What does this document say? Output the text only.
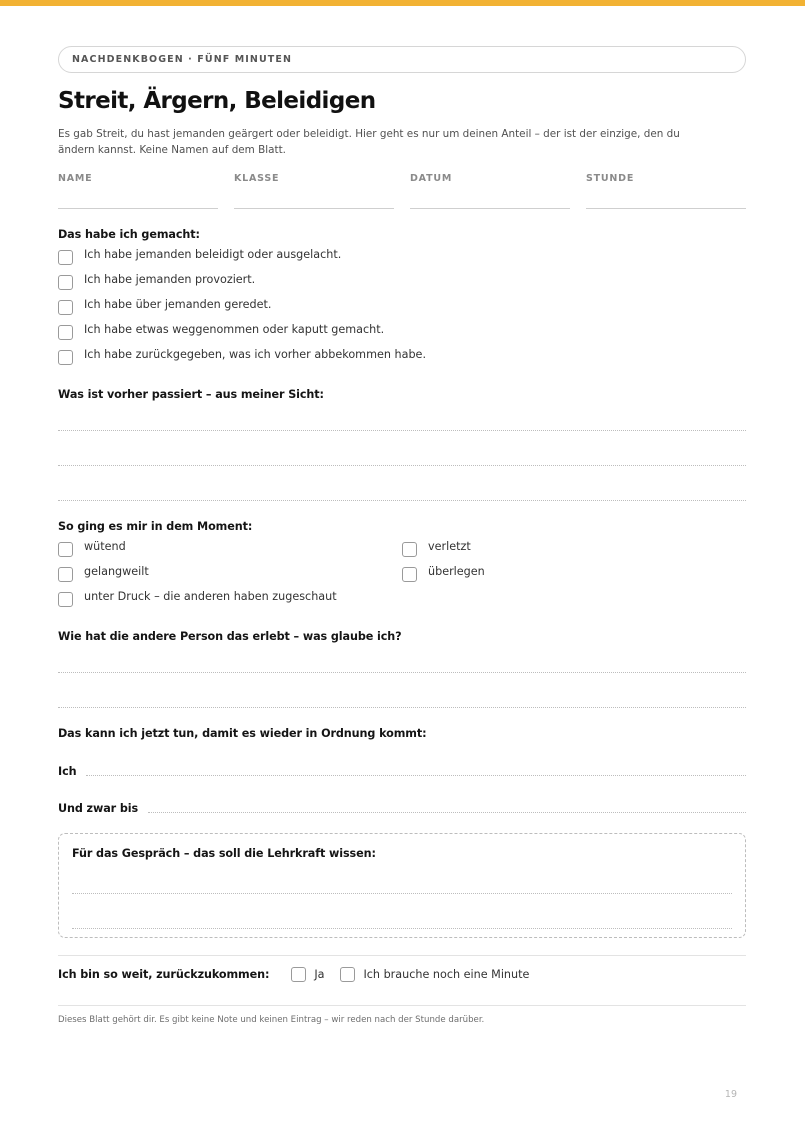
NACHDENKBOGEN · FÜNF MINUTEN
Streit, Ärgern, Beleidigen
Es gab Streit, du hast jemanden geärgert oder beleidigt. Hier geht es nur um deinen Anteil – der ist der einzige, den du ändern kannst. Keine Namen auf dem Blatt.
NAME	KLASSE	DATUM	STUNDE
Das habe ich gemacht:
Ich habe jemanden beleidigt oder ausgelacht.
Ich habe jemanden provoziert.
Ich habe über jemanden geredet.
Ich habe etwas weggenommen oder kaputt gemacht.
Ich habe zurückgegeben, was ich vorher abbekommen habe.
Was ist vorher passiert – aus meiner Sicht:
So ging es mir in dem Moment:
wütend
gelangweilt
unter Druck – die anderen haben zugeschaut
verletzt
überlegen
Wie hat die andere Person das erlebt – was glaube ich?
Das kann ich jetzt tun, damit es wieder in Ordnung kommt:
Ich
Und zwar bis
Für das Gespräch – das soll die Lehrkraft wissen:
Ich bin so weit, zurückzukommen:	Ja	Ich brauche noch eine Minute
Dieses Blatt gehört dir. Es gibt keine Note und keinen Eintrag – wir reden nach der Stunde darüber.
19
